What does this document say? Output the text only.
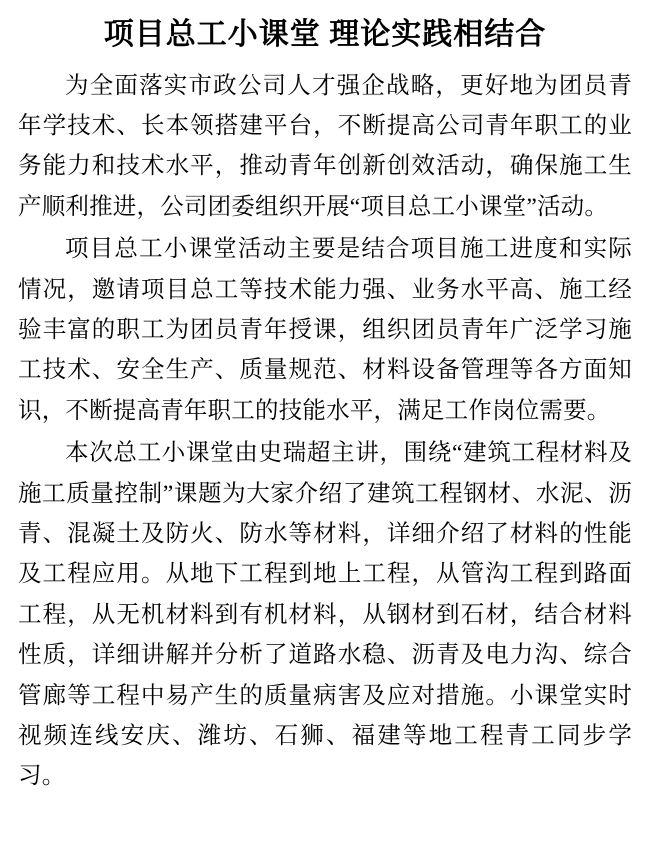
项目总工小课堂 理论实践相结合

为全面落实市政公司人才强企战略，更好地为团员青年学技术、长本领搭建平台，不断提高公司青年职工的业务能力和技术水平，推动青年创新创效活动，确保施工生产顺利推进，公司团委组织开展“项目总工小课堂”活动。

项目总工小课堂活动主要是结合项目施工进度和实际情况，邀请项目总工等技术能力强、业务水平高、施工经验丰富的职工为团员青年授课，组织团员青年广泛学习施工技术、安全生产、质量规范、材料设备管理等各方面知识，不断提高青年职工的技能水平，满足工作岗位需要。

本次总工小课堂由史瑞超主讲，围绕“建筑工程材料及施工质量控制”课题为大家介绍了建筑工程钢材、水泥、沥青、混凝土及防火、防水等材料，详细介绍了材料的性能及工程应用。从地下工程到地上工程，从管沟工程到路面工程，从无机材料到有机材料，从钢材到石材，结合材料性质，详细讲解并分析了道路水稳、沥青及电力沟、综合管廊等工程中易产生的质量病害及应对措施。小课堂实时视频连线安庆、潍坊、石狮、福建等地工程青工同步学习。
